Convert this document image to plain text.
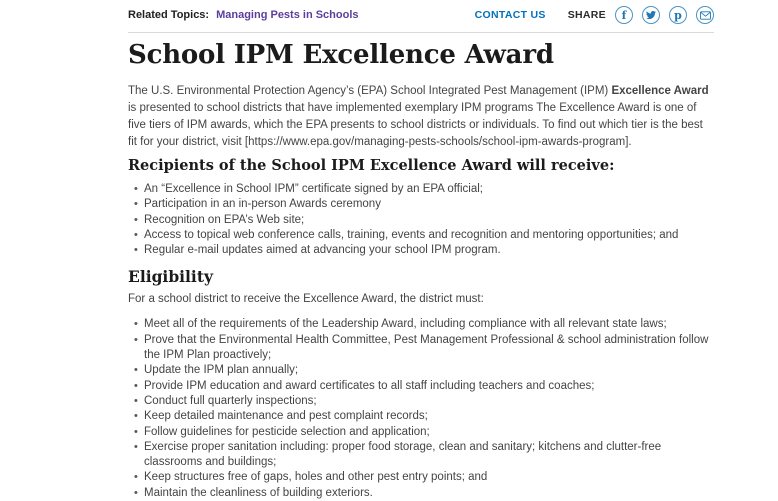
Related Topics: Managing Pests in Schools	CONTACT US SHARE f	p
School IPM Excellence Award

The U.S. Environmental Protection Agency’s (EPA) School Integrated Pest Management (IPM) Excellence Award is presented to school districts that have implemented exemplary IPM programs The Excellence Award is one of five tiers of IPM awards, which the EPA presents to school districts or individuals. To find out which tier is the best fit for your district, visit [https://www.epa.gov/managing-pests-schools/school-ipm-awards-program].

Recipients of the School IPM Excellence Award will receive:
• An “Excellence in School IPM” certificate signed by an EPA official;
• Participation in an in-person Awards ceremony
• Recognition on EPA’s Web site;
• Access to topical web conference calls, training, events and recognition and mentoring opportunities; and
• Regular e-mail updates aimed at advancing your school IPM program.
Eligibility

For a school district to receive the Excellence Award, the district must:

• Meet all of the requirements of the Leadership Award, including compliance with all relevant state laws;
• Prove that the Environmental Health Committee, Pest Management Professional & school administration follow the IPM Plan proactively;
• Update the IPM plan annually;
• Provide IPM education and award certificates to all staff including teachers and coaches;
• Conduct full quarterly inspections;
• Keep detailed maintenance and pest complaint records;
• Follow guidelines for pesticide selection and application;
• Exercise proper sanitation including: proper food storage, clean and sanitary; kitchens and clutter-free classrooms and buildings;
• Keep structures free of gaps, holes and other pest entry points; and
• Maintain the cleanliness of building exteriors.
